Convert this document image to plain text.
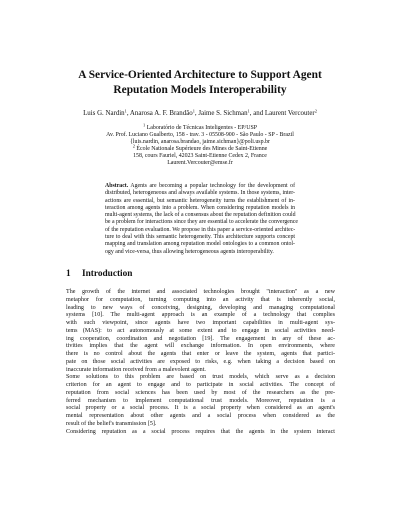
A Service-Oriented Architecture to Support Agent
Reputation Models Interoperability
Luis G. Nardin$^1$, Anarosa A. F. Brandão$^1$, Jaime S. Sichman$^1$, and Laurent Vercouter$^2$
$^1$ Laboratório de Técnicas Inteligentes - EP/USP
Av. Prof. Luciano Gualberto, 158 - trav. 3 - 05508-900 - São Paulo - SP - Brazil
{luis.nardin, anarosa.brandao, jaime.sichman}@poli.usp.br
$^2$ École Nationale Supérieure des Mines de Saint-Etienne
158, cours Fauriel, 42023 Saint-Etienne Cedex 2, France
Laurent.Vercouter@emse.fr
Abstract. Agents are becoming a popular technology for the development of
distributed, heterogeneous and always available systems. In those systems, inter-
actions are essential, but semantic heterogeneity turns the establishment of in-
teraction among agents into a problem. When considering reputation models in
multi-agent systems, the lack of a consensus about the reputation definition could
be a problem for interactions since they are essential to accelerate the convergence
of the reputation evaluation. We propose in this paper a service-oriented architec-
ture to deal with this semantic heterogeneity. This architecture supports concept
mapping and translation among reputation model ontologies to a common ontol-
ogy and vice-versa, thus allowing heterogeneous agents interoperability.
1 Introduction
The growth of the internet and associated technologies brought "interaction" as a new
metaphor for computation, turning computing into an activity that is inherently social,
leading to new ways of conceiving, designing, developing and managing computational
systems [10]. The multi-agent approach is an example of a technology that complies
with such viewpoint, since agents have two important capabilities in multi-agent sys-
tems (MAS): to act autonomously at some extent and to engage in social activities need-
ing cooperation, coordination and negotiation [19]. The engagement in any of these ac-
tivities implies that the agent will exchange information. In open environments, where
there is no control about the agents that enter or leave the system, agents that partici-
pate on those social activities are exposed to risks, e.g. when taking a decision based on
inaccurate information received from a malevolent agent.
Some solutions to this problem are based on trust models, which serve as a decision
criterion for an agent to engage and to participate in social activities. The concept of
reputation from social sciences has been used by most of the researchers as the pre-
ferred mechanism to implement computational trust models. Moreover, reputation is a
social property or a social process. It is a social property when considered as an agent's
mental representation about other agents and a social process when considered as the
result of the belief's transmission [5].
Considering reputation as a social process requires that the agents in the system interact
